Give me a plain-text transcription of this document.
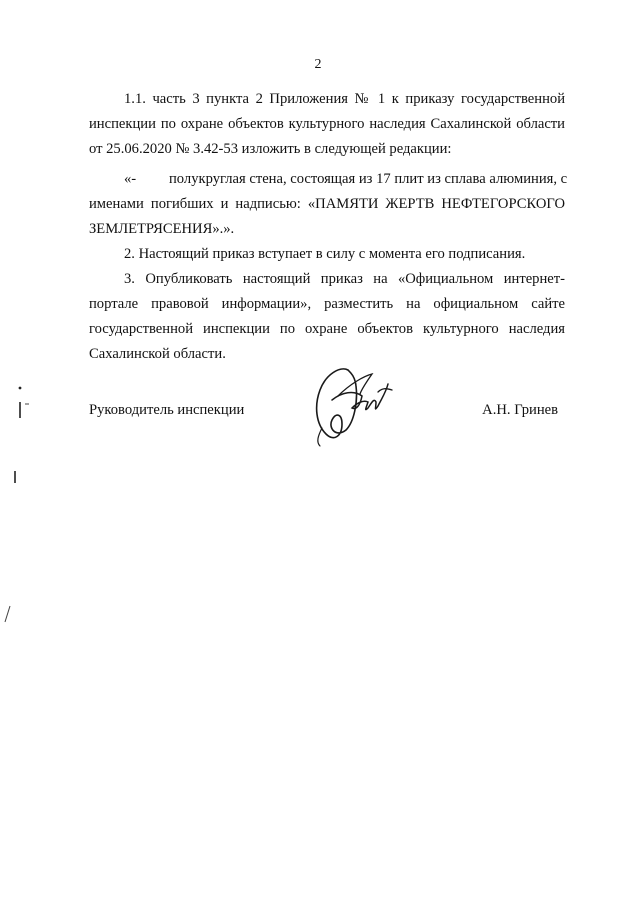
2

1.1. часть 3 пункта 2 Приложения № 1 к приказу государственной
инспекции по охране объектов культурного наследия Сахалинской области
от 25.06.2020 № 3.42-53 изложить в следующей редакции:

«-	полукруглая стена, состоящая из 17 плит из сплава алюминия, с
именами погибших и надписью: «ПАМЯТИ ЖЕРТВ НЕФТЕГОРСКОГО
ЗЕМЛЕТРЯСЕНИЯ».».

2. Настоящий приказ вступает в силу с момента его подписания.

3. Опубликовать настоящий приказ на «Официальном интернет-
портале правовой информации», разместить на официальном сайте
государственной инспекции по охране объектов культурного наследия
Сахалинской области.

Руководитель инспекции	А.Н. Гринев
